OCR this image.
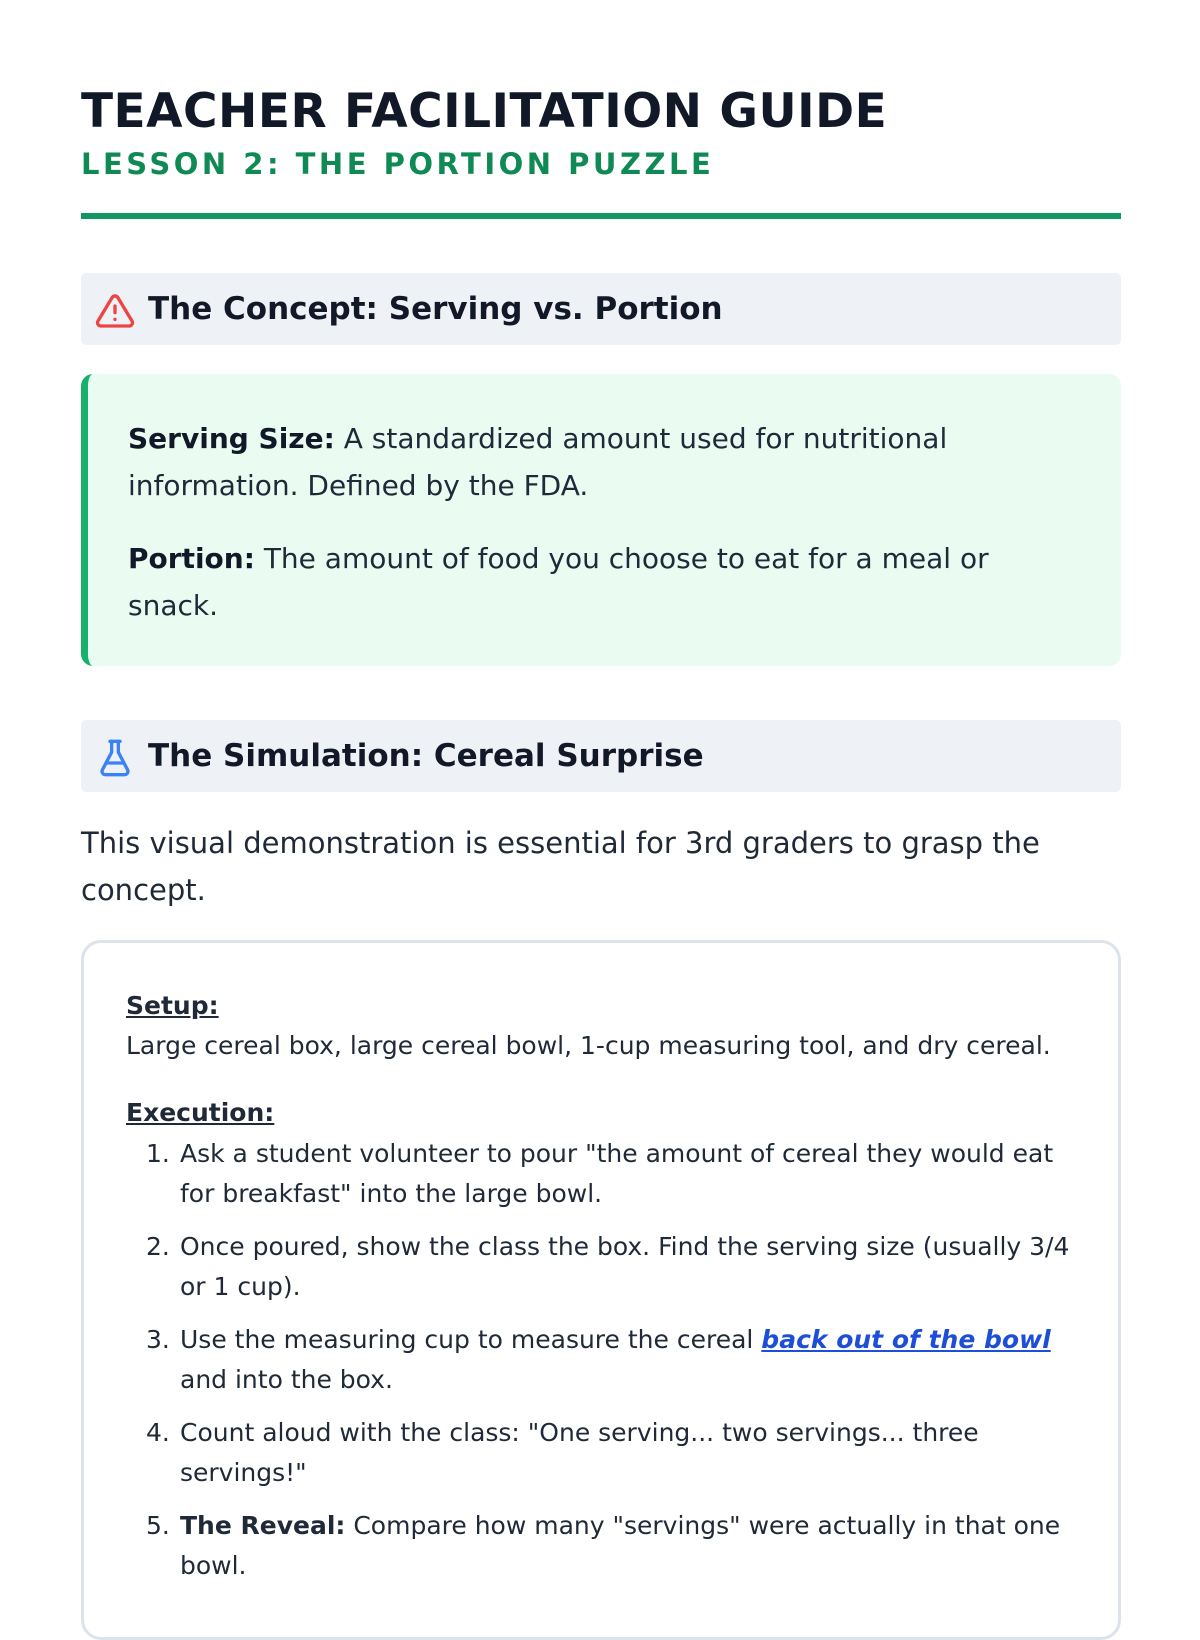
TEACHER FACILITATION GUIDE
LESSON 2: THE PORTION PUZZLE
The Concept: Serving vs. Portion
Serving Size: A standardized amount used for nutritional information. Defined by the FDA.
Portion: The amount of food you choose to eat for a meal or snack.
The Simulation: Cereal Surprise
This visual demonstration is essential for 3rd graders to grasp the concept.
Setup:
Large cereal box, large cereal bowl, 1-cup measuring tool, and dry cereal.
Execution:
1. Ask a student volunteer to pour "the amount of cereal they would eat for breakfast" into the large bowl.
2. Once poured, show the class the box. Find the serving size (usually 3/4 or 1 cup).
3. Use the measuring cup to measure the cereal back out of the bowl and into the box.
4. Count aloud with the class: "One serving... two servings... three servings!"
5. The Reveal: Compare how many "servings" were actually in that one bowl.
